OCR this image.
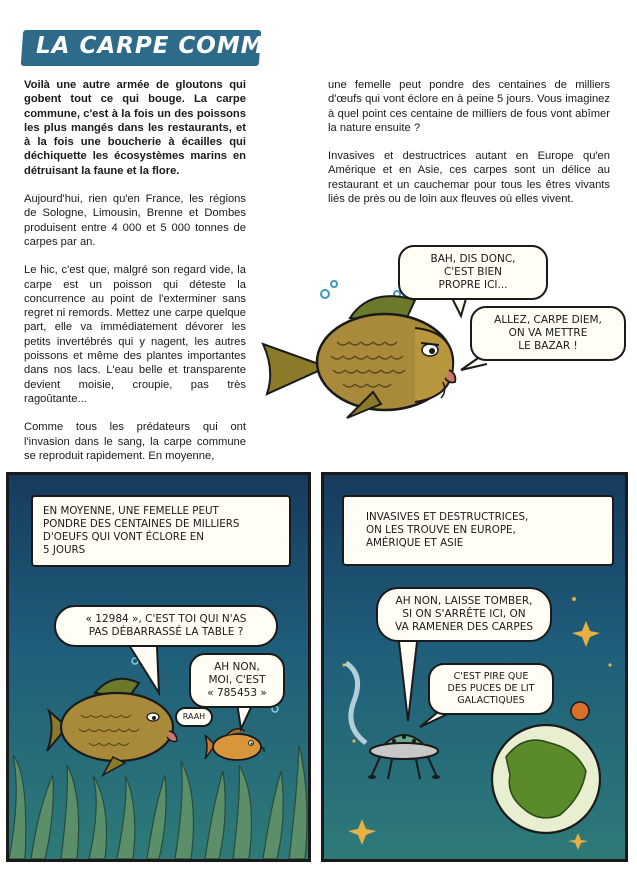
LA CARPE COMMUNE

Voilà une autre armée de gloutons qui gobent tout ce qui bouge. La carpe commune, c'est à la fois un des poissons les plus mangés dans les restaurants, et à la fois une boucherie à écailles qui déchiquette les écosystèmes marins en détruisant la faune et la flore.

Aujourd'hui, rien qu'en France, les régions de Sologne, Limousin, Brenne et Dombes produisent entre 4 000 et 5 000 tonnes de carpes par an.

Le hic, c'est que, malgré son regard vide, la carpe est un poisson qui déteste la concurrence au point de l'exterminer sans regret ni remords. Mettez une carpe quelque part, elle va immédiatement dévorer les petits invertébrés qui y nagent, les autres poissons et même des plantes importantes dans nos lacs. L'eau belle et transparente devient moisie, croupie, pas très ragoûtante...

Comme tous les prédateurs qui ont l'invasion dans le sang, la carpe commune se reproduit rapidement. En moyenne,

une femelle peut pondre des centaines de milliers d'œufs qui vont éclore en à peine 5 jours. Vous imaginez à quel point ces centaine de milliers de fous vont abîmer la nature ensuite ?

Invasives et destructrices autant en Europe qu'en Amérique et en Asie, ces carpes sont un délice au restaurant et un cauchemar pour tous les êtres vivants liés de près ou de loin aux fleuves où elles vivent.

BAH, DIS DONC,
C'EST BIEN
PROPRE ICI...
ALLEZ, CARPE DIEM,
ON VA METTRE
LE BAZAR !
EN MOYENNE, UNE FEMELLE PEUT
PONDRE DES CENTAINES DE MILLIERS
D'OEUFS QUI VONT ÉCLORE EN
5 JOURS
« 12984 », C'EST TOI QUI N'AS
PAS DÉBARRASSÉ LA TABLE ?
AH NON,
MOI, C'EST
« 785453 »
RAAH
INVASIVES ET DESTRUCTRICES,
ON LES TROUVE EN EUROPE,
AMÉRIQUE ET ASIE
AH NON, LAISSE TOMBER,
SI ON S'ARRÊTE ICI, ON
VA RAMENER DES CARPES
C'EST PIRE QUE
DES PUCES DE LIT
GALACTIQUES
